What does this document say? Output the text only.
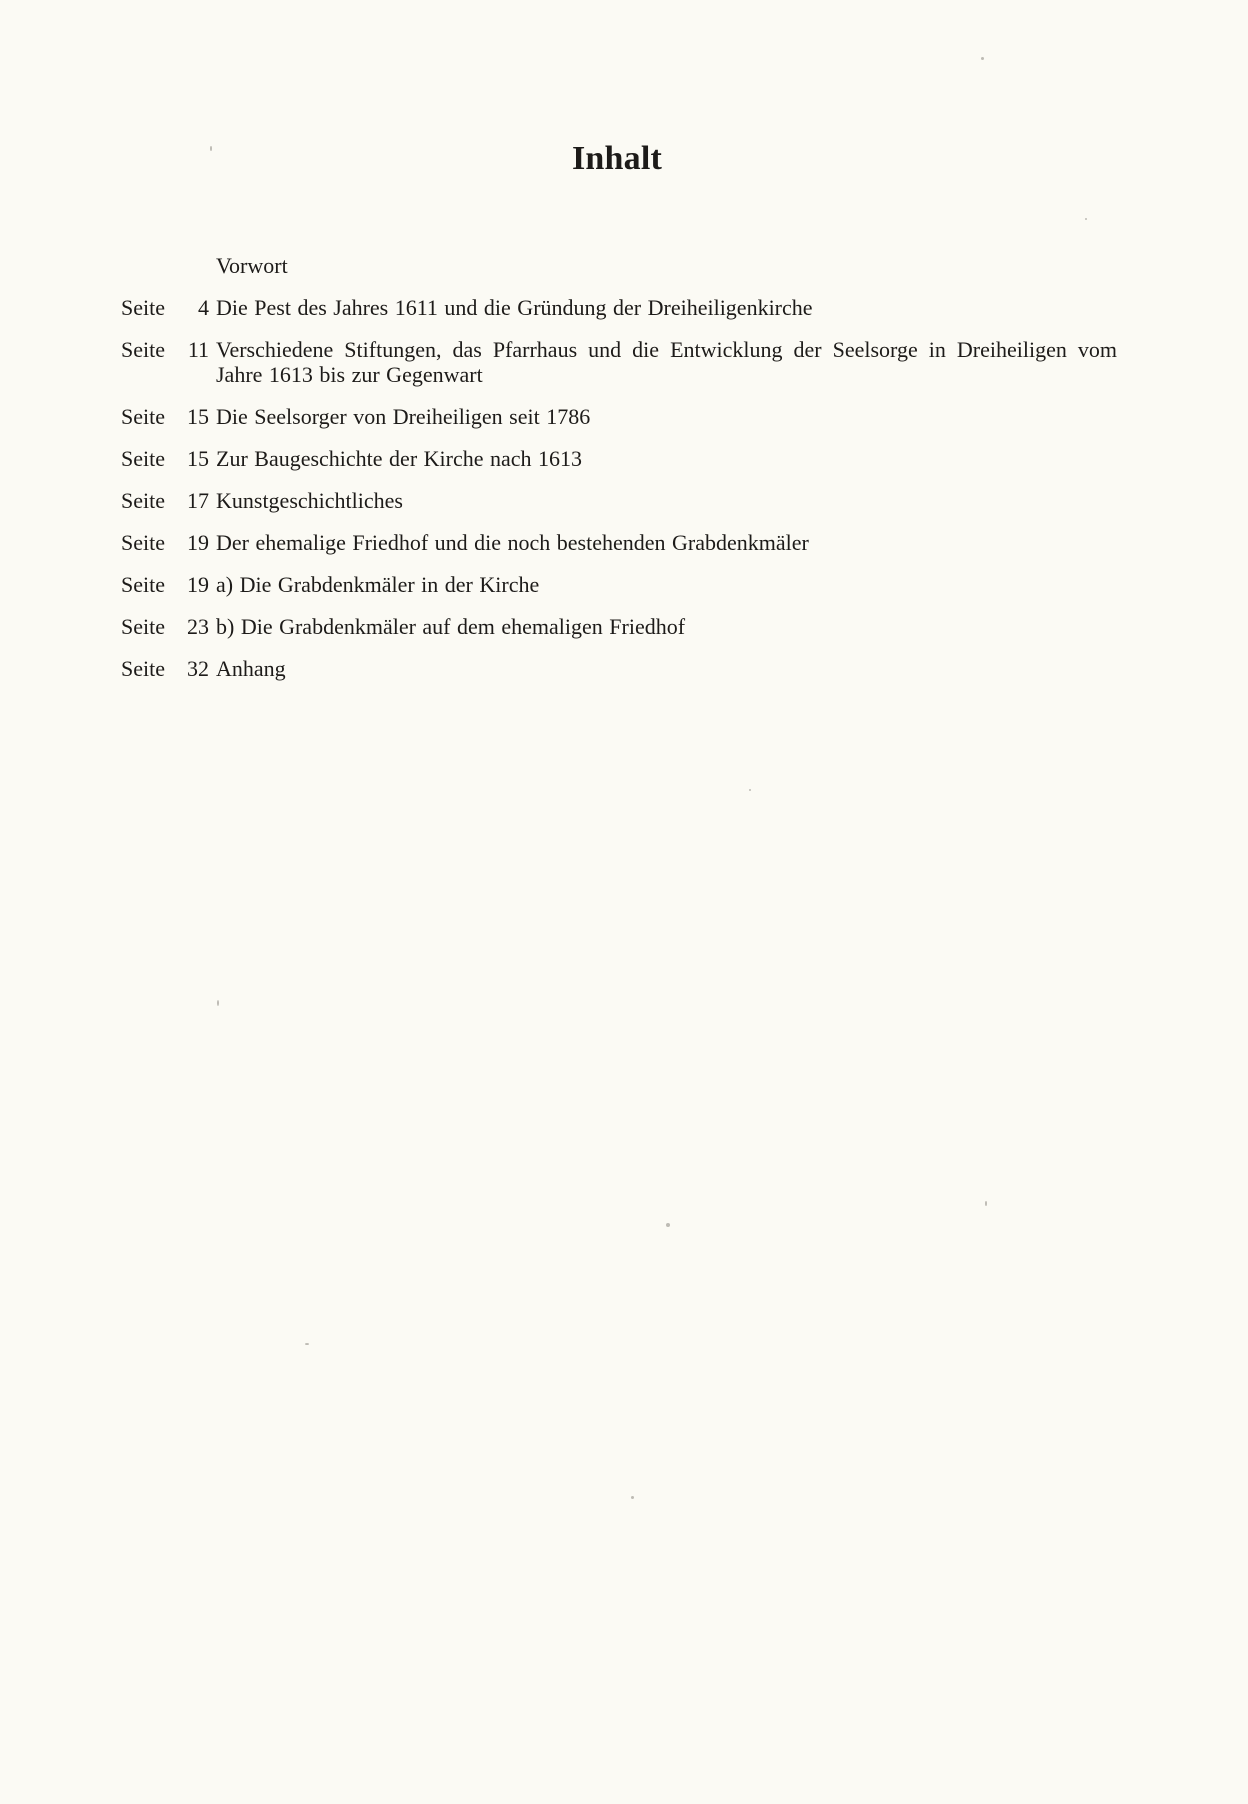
Inhalt
Vorwort
Seite	4 Die Pest des Jahres 1611 und die Gründung der Dreiheiligenkirche
Seite	11 Verschiedene Stiftungen, das Pfarrhaus und die Entwicklung der Seelsorge in Dreiheiligen vom Jahre 1613 bis zur Gegenwart
Seite	15 Die Seelsorger von Dreiheiligen seit 1786
Seite	15 Zur Baugeschichte der Kirche nach 1613
Seite	17 Kunstgeschichtliches
Seite	19 Der ehemalige Friedhof und die noch bestehenden Grabdenkmäler
Seite	19 a) Die Grabdenkmäler in der Kirche
Seite	23 b) Die Grabdenkmäler auf dem ehemaligen Friedhof
Seite	32 Anhang
